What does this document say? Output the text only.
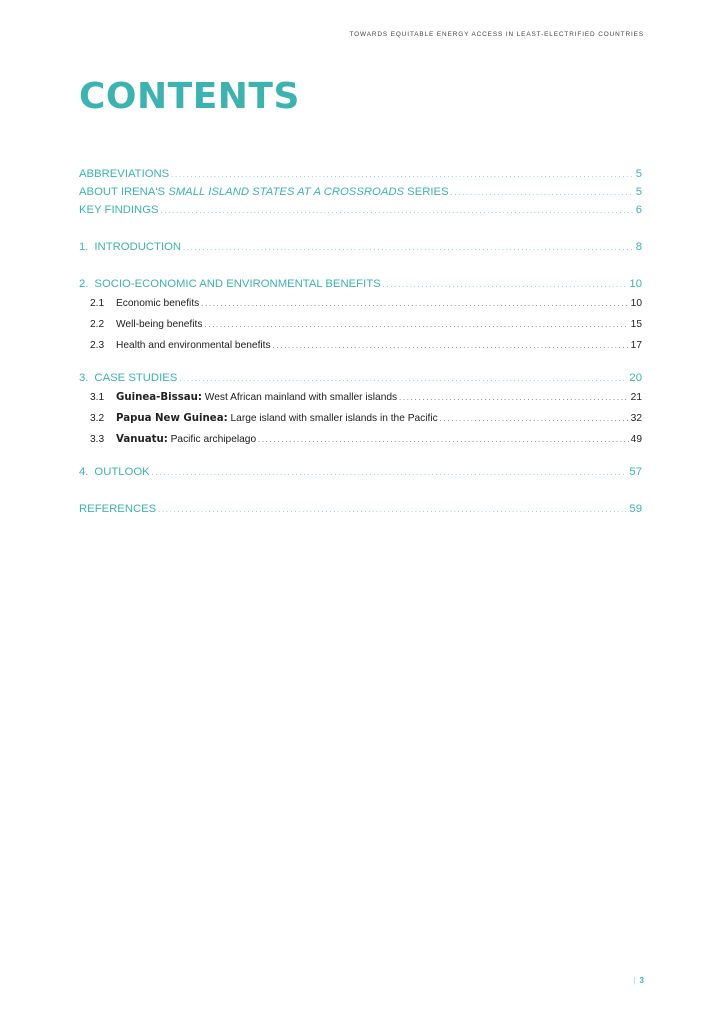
TOWARDS EQUITABLE ENERGY ACCESS IN LEAST-ELECTRIFIED COUNTRIES
CONTENTS
ABBREVIATIONS . . .	5
ABOUT IRENA'S SMALL ISLAND STATES AT A CROSSROADS SERIES . . .	5
KEY FINDINGS . . .	6
1. INTRODUCTION . . .	8
2. SOCIO-ECONOMIC AND ENVIRONMENTAL BENEFITS . . .	10
2.1	Economic benefits . . .	10
2.2	Well-being benefits . . .	15
2.3	Health and environmental benefits . . .	17
3. CASE STUDIES . . .	20
3.1	Guinea-Bissau: West African mainland with smaller islands . . .	21
3.2	Papua New Guinea: Large island with smaller islands in the Pacific . . .	32
3.3	Vanuatu: Pacific archipelago . . .	49
4. OUTLOOK . . .	57
REFERENCES . . .	59
| 3
